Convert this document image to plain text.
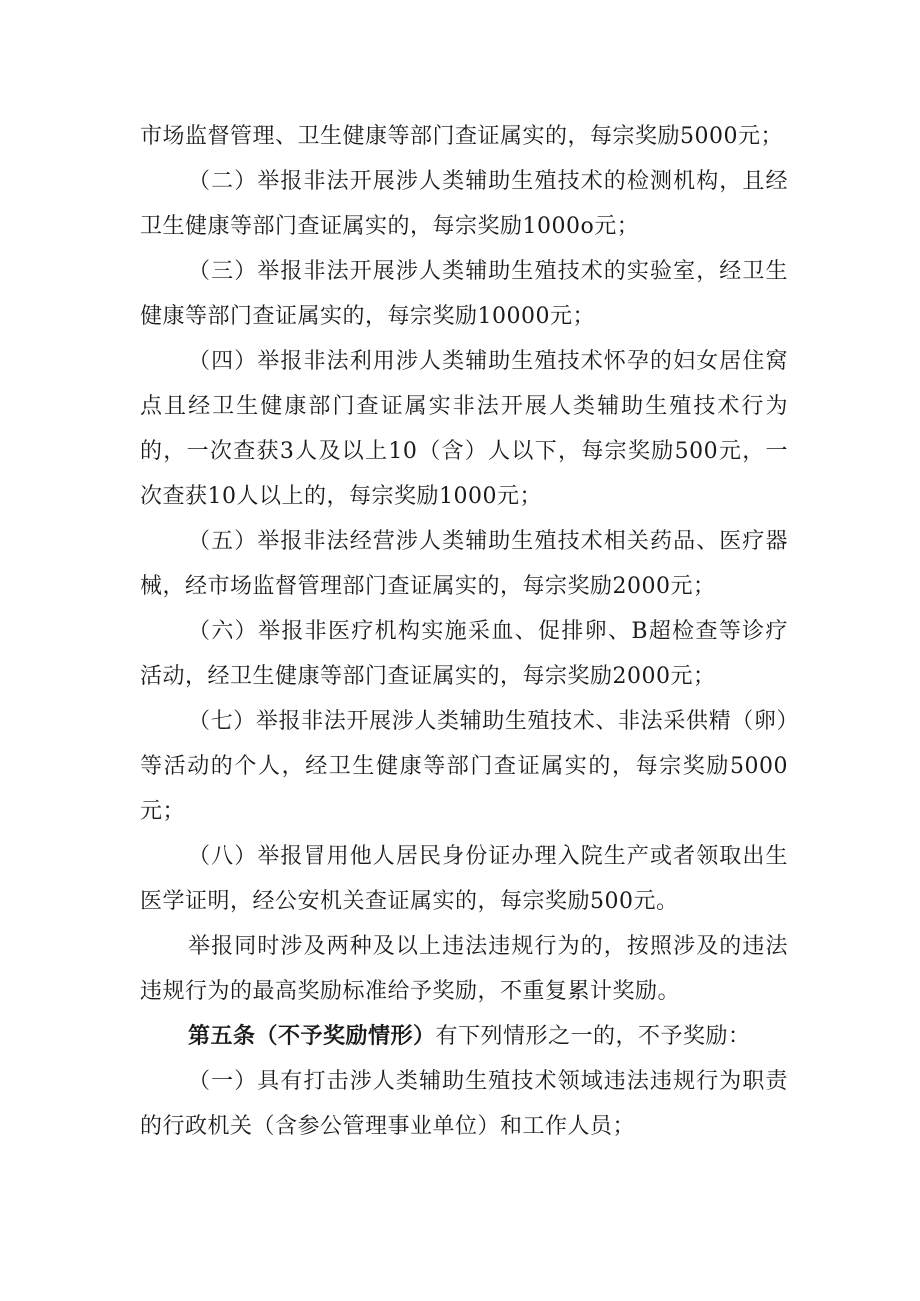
市场监督管理、卫生健康等部门查证属实的，每宗奖励5000元；

（二）举报非法开展涉人类辅助生殖技术的检测机构，且经卫生健康等部门查证属实的，每宗奖励1000o元；

（三）举报非法开展涉人类辅助生殖技术的实验室，经卫生健康等部门查证属实的，每宗奖励10000元；

（四）举报非法利用涉人类辅助生殖技术怀孕的妇女居住窝点且经卫生健康部门查证属实非法开展人类辅助生殖技术行为的，一次查获3人及以上10（含）人以下，每宗奖励500元，一次查获10人以上的，每宗奖励1000元；

（五）举报非法经营涉人类辅助生殖技术相关药品、医疗器械，经市场监督管理部门查证属实的，每宗奖励2000元；

（六）举报非医疗机构实施采血、促排卵、B超检查等诊疗活动，经卫生健康等部门查证属实的，每宗奖励2000元；

（七）举报非法开展涉人类辅助生殖技术、非法采供精（卵）等活动的个人，经卫生健康等部门查证属实的，每宗奖励5000元；

（八）举报冒用他人居民身份证办理入院生产或者领取出生医学证明，经公安机关查证属实的，每宗奖励500元。

举报同时涉及两种及以上违法违规行为的，按照涉及的违法违规行为的最高奖励标准给予奖励，不重复累计奖励。

第五条（不予奖励情形）有下列情形之一的，不予奖励：

（一）具有打击涉人类辅助生殖技术领域违法违规行为职责的行政机关（含参公管理事业单位）和工作人员；
